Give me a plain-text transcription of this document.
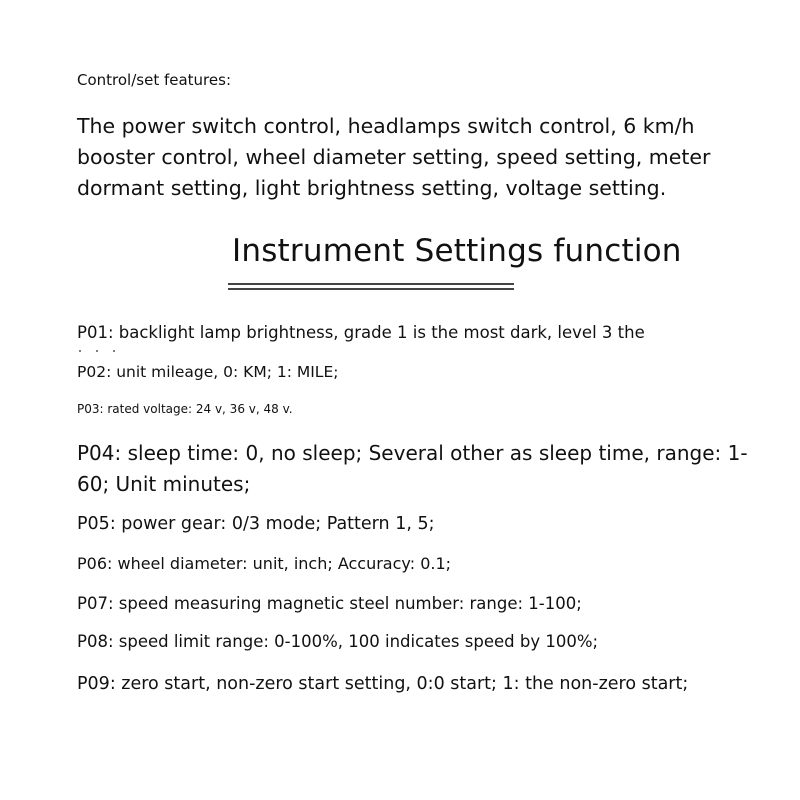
Control/set features:
The power switch control, headlamps switch control, 6 km/h booster control, wheel diameter setting, speed setting, meter dormant setting, light brightness setting, voltage setting.
Instrument Settings function
P01: backlight lamp brightness, grade 1 is the most dark, level 3 the
P02: unit mileage, 0: KM; 1: MILE;
P03: rated voltage: 24 v, 36 v, 48 v.
P04: sleep time: 0, no sleep; Several other as sleep time, range: 1-60; Unit minutes;
P05: power gear: 0/3 mode; Pattern 1, 5;
P06: wheel diameter: unit, inch; Accuracy: 0.1;
P07: speed measuring magnetic steel number: range: 1-100;
P08: speed limit range: 0-100%, 100 indicates speed by 100%;
P09: zero start, non-zero start setting, 0:0 start; 1: the non-zero start;
